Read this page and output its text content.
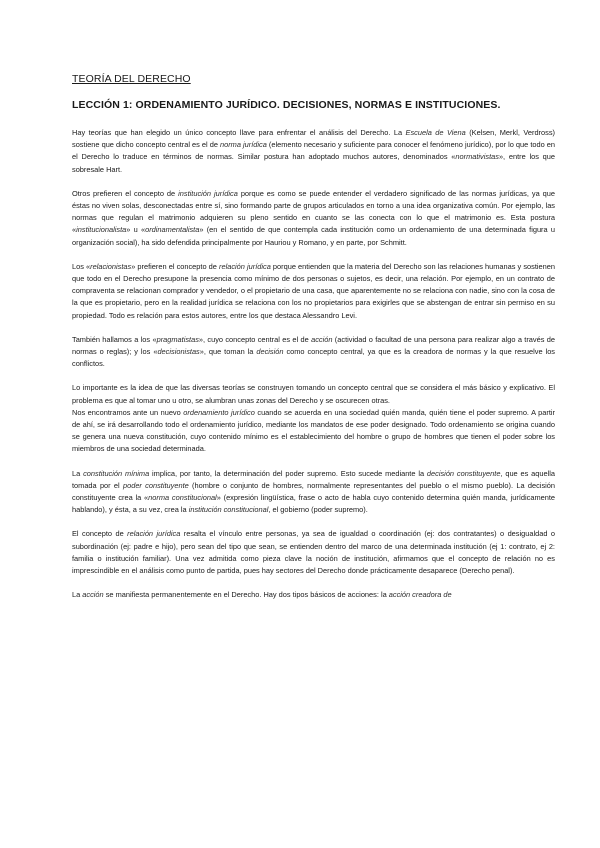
TEORÍA DEL DERECHO
LECCIÓN 1: ORDENAMIENTO JURÍDICO. DECISIONES, NORMAS E INSTITUCIONES.

Hay teorías que han elegido un único concepto llave para enfrentar el análisis del Derecho. La Escuela de Viena (Kelsen, Merkl, Verdross) sostiene que dicho concepto central es el de norma jurídica (elemento necesario y suficiente para conocer el fenómeno jurídico), por lo que todo en el Derecho lo traduce en términos de normas. Similar postura han adoptado muchos autores, denominados «normativistas», entre los que sobresale Hart.

Otros prefieren el concepto de institución jurídica porque es como se puede entender el verdadero significado de las normas jurídicas, ya que éstas no viven solas, desconectadas entre sí, sino formando parte de grupos articulados en torno a una idea organizativa común. Por ejemplo, las normas que regulan el matrimonio adquieren su pleno sentido en cuanto se las conecta con lo que el matrimonio es. Esta postura «institucionalista» u «ordinamentalista» (en el sentido de que contempla cada institución como un ordenamiento de una determinada figura u organización social), ha sido defendida principalmente por Hauriou y Romano, y en parte, por Schmitt.

Los «relacionistas» prefieren el concepto de relación jurídica porque entienden que la materia del Derecho son las relaciones humanas y sostienen que todo en el Derecho presupone la presencia como mínimo de dos personas o sujetos, es decir, una relación. Por ejemplo, en un contrato de compraventa se relacionan comprador y vendedor, o el propietario de una casa, que aparentemente no se relaciona con nadie, sino con la cosa de la que es propietario, pero en la realidad jurídica se relaciona con los no propietarios para exigirles que se abstengan de entrar sin permiso en su propiedad. Todo es relación para estos autores, entre los que destaca Alessandro Levi.

También hallamos a los «pragmatistas», cuyo concepto central es el de acción (actividad o facultad de una persona para realizar algo a través de normas o reglas); y los «decisionistas», que toman la decisión como concepto central, ya que es la creadora de normas y la que resuelve los conflictos.

Lo importante es la idea de que las diversas teorías se construyen tomando un concepto central que se considera el más básico y explicativo. El problema es que al tomar uno u otro, se alumbran unas zonas del Derecho y se oscurecen otras.

Nos encontramos ante un nuevo ordenamiento jurídico cuando se acuerda en una sociedad quién manda, quién tiene el poder supremo. A partir de ahí, se irá desarrollando todo el ordenamiento jurídico, mediante los mandatos de ese poder designado. Todo ordenamiento se origina cuando se genera una nueva constitución, cuyo contenido mínimo es el establecimiento del hombre o grupo de hombres que tienen el poder sobre los miembros de una sociedad determinada.

La constitución mínima implica, por tanto, la determinación del poder supremo. Esto sucede mediante la decisión constituyente, que es aquella tomada por el poder constituyente (hombre o conjunto de hombres, normalmente representantes del pueblo o el mismo pueblo). La decisión constituyente crea la «norma constitucional» (expresión lingüística, frase o acto de habla cuyo contenido determina quién manda, jurídicamente hablando), y ésta, a su vez, crea la institución constitucional, el gobierno (poder supremo).

El concepto de relación jurídica resalta el vínculo entre personas, ya sea de igualdad o coordinación (ej: dos contratantes) o desigualdad o subordinación (ej: padre e hijo), pero sean del tipo que sean, se entienden dentro del marco de una determinada institución (ej 1: contrato, ej 2: familia o institución familiar). Una vez admitida como pieza clave la noción de institución, afirmamos que el concepto de relación no es imprescindible en el análisis como punto de partida, pues hay sectores del Derecho donde prácticamente desaparece (Derecho penal).

La acción se manifiesta permanentemente en el Derecho. Hay dos tipos básicos de acciones: la acción creadora de
